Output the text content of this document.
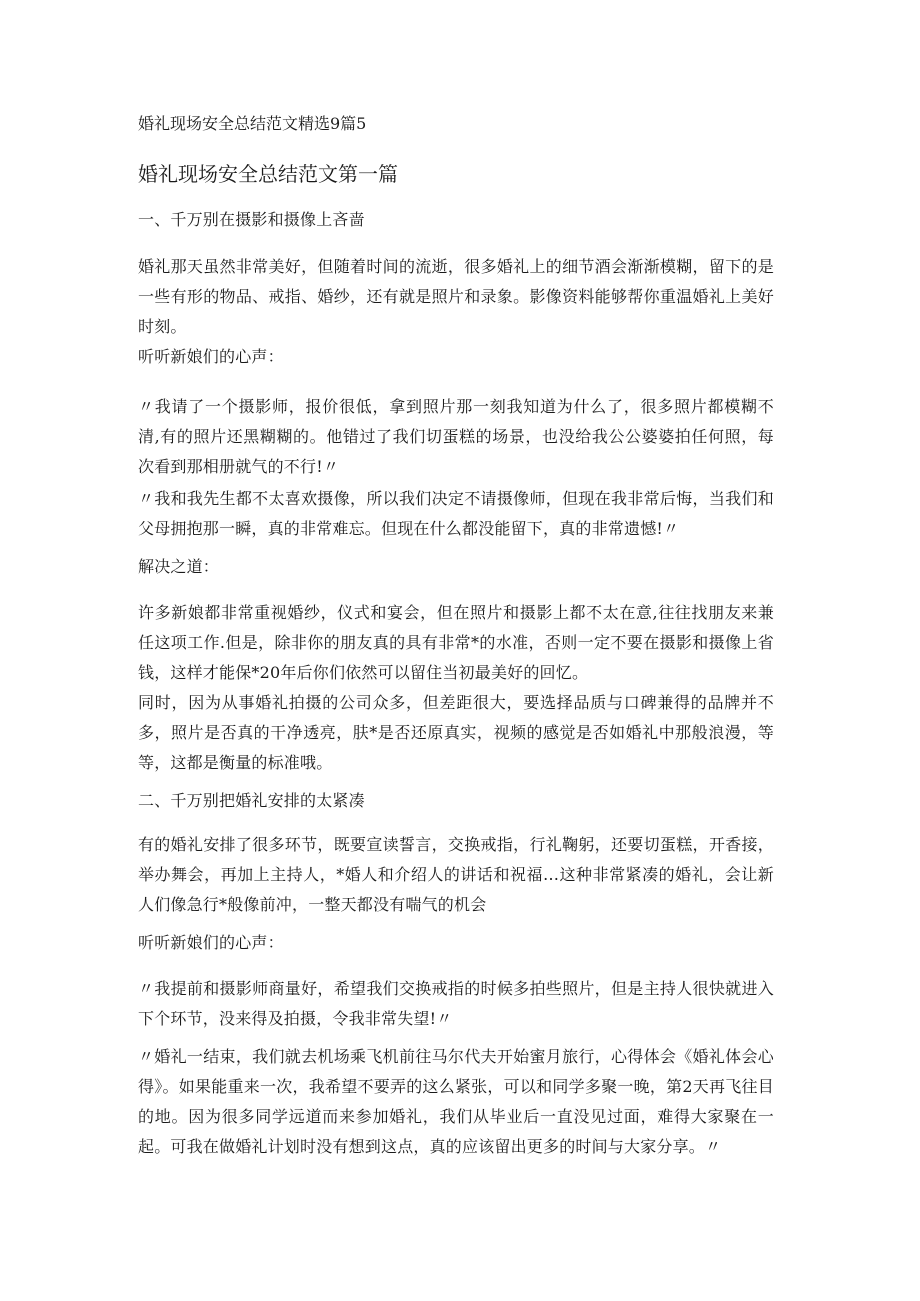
婚礼现场安全总结范文精选9篇5
婚礼现场安全总结范文第一篇

一、千万别在摄影和摄像上吝啬

婚礼那天虽然非常美好，但随着时间的流逝，很多婚礼上的细节酒会渐渐模糊，留下的是一些有形的物品、戒指、婚纱，还有就是照片和录象。影像资料能够帮你重温婚礼上美好时刻。

听听新娘们的心声：

〃我请了一个摄影师，报价很低，拿到照片那一刻我知道为什么了，很多照片都模糊不清,有的照片还黑糊糊的。他错过了我们切蛋糕的场景，也没给我公公婆婆拍任何照，每次看到那相册就气的不行!〃

〃我和我先生都不太喜欢摄像，所以我们决定不请摄像师，但现在我非常后悔，当我们和父母拥抱那一瞬，真的非常难忘。但现在什么都没能留下，真的非常遗憾!〃

解决之道：

许多新娘都非常重视婚纱，仪式和宴会，但在照片和摄影上都不太在意,往往找朋友来兼任这项工作.但是，除非你的朋友真的具有非常*的水准，否则一定不要在摄影和摄像上省钱，这样才能保*20年后你们依然可以留住当初最美好的回忆。

同时，因为从事婚礼拍摄的公司众多，但差距很大，要选择品质与口碑兼得的品牌并不多，照片是否真的干净透亮，肤*是否还原真实，视频的感觉是否如婚礼中那般浪漫，等等，这都是衡量的标准哦。

二、千万别把婚礼安排的太紧凑

有的婚礼安排了很多环节，既要宣读誓言，交换戒指，行礼鞠躬，还要切蛋糕，开香接，举办舞会，再加上主持人，*婚人和介绍人的讲话和祝福…这种非常紧凑的婚礼，会让新人们像急行*般像前冲，一整天都没有喘气的机会

听听新娘们的心声：

〃我提前和摄影师商量好，希望我们交换戒指的时候多拍些照片，但是主持人很快就进入下个环节，没来得及拍摄，令我非常失望!〃

〃婚礼一结束，我们就去机场乘飞机前往马尔代夫开始蜜月旅行，心得体会《婚礼体会心得》。如果能重来一次，我希望不要弄的这么紧张，可以和同学多聚一晚，第2天再飞往目的地。因为很多同学远道而来参加婚礼，我们从毕业后一直没见过面，难得大家聚在一起。可我在做婚礼计划时没有想到这点，真的应该留出更多的时间与大家分享。〃
